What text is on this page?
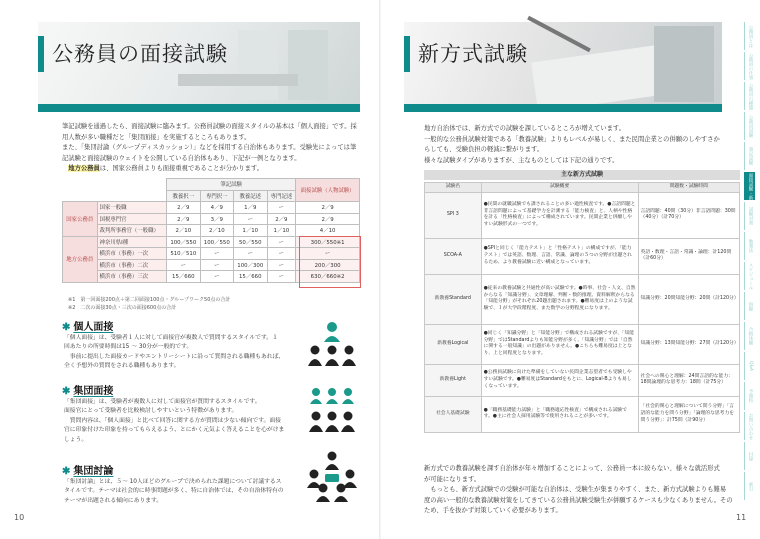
公務員の面接試験
筆記試験を通過したら、面接試験に臨みます。公務員試験の面接スタイルの基本は「個人面接」です。採
用人数が多い職種だと「集団面接」を実施するところもあります。
また、「集団討論（グループディスカッション）」などを採用する自治体もあります。受験先によっては筆
記試験と面接試験のウェイトを公開している自治体もあり、下記が一例となります。
　地方公務員は、国家公務員よりも面接重視であることが分かります。
		筆記試験				面接試験（人物試験）
		教養択一	専門択一	教養記述	専門記述	
国家公務員	国家一般職	2／9	4／9	1／9	ー	2／9
	国税専門官	2／9	3／9	ー	2／9	2／9
	裁判所事務官（一般職）	2／10	2／10	1／10	1／10	4／10
地方公務員	神奈川県Ⅰ種	100／550	100／550	50／550	ー	300／550※1
	横浜市（事務）一次	510／510	ー	ー	ー	ー
	横浜市（事務）二次	ー	ー	100／300	ー	200／300
	横浜市（事務）三次	15／660	ー	15／660	ー	630／660※2
※1　第一回面接200点＋第二回面接100点・グループワーク50点の合計
※2　二次の面接30点・三次の面接600点の合計
✱ 個人面接
「個人面接」は、受験者１人に対して面接官が複数人で質問するスタイルです。１
回あたりの所要時間は15 〜 30分が一般的です。
　事前に提出した面接カードやエントリーシートに沿って質問される職種もあれば、
全く予想外の質問をされる職種もあります。
✱ 集団面接
「集団面接」は、受験者が複数人に対して面接官が質問するスタイルです。
面接官にとって受験者を比較検討しやすいという特徴があります。
　質問内容は、「個人面接」と比べて回答に関する方が質問は少ない傾向です。面接
官に印象付けた印象を持ってもらえるよう、とにかく元気よく答えることを心がけま
しょう。
✱ 集団討論
「集団討論」とは、５〜 10人ほどのグループで決められた課題について討議するス
タイルです。テーマは社会的に時事問題が多く、特に自治体では、その自治体特有の
テーマが出題される傾向にあります。
10
新方式試験
地方自治体では、新方式での試験を課しているところが増えています。
一般的な公務員試験対策である「教養試験」よりもレベルが易しく、また民間企業との併願のしやすさか
らしても、受験負担の軽減に繋がります。
様々な試験タイプがありますが、主なものとしては下記の通りです。
主な新方式試験
試験名	試験概要	問題数・試験時間
SPI 3	●民間の就職試験でも課されることの多い適性検査です。●言語問題と非言語問題によって基礎学力を計測する「能力検査」と、人柄や性格を計る「性格検査」によって構成されています。民間企業と併願しやすい試験形式の一つです。	言語問題：40問（30分）非言語問題：30問（40分）（計70分）
SCOA-A	●SPIと同じく「能力テスト」と「性格テスト」の構成ですが、「能力テスト」では英語、数理、言語、常識、論理の５つの分野が出題されるため、より教養試験に近い構成となっています。	英語・数理・言語・常識・論理：計120問（計60分）
新教養Standard	●従来の教養試験と共通性が高い試験です。●時事、社会・人文、自然からなる「知識分野」、文章理解、判断・数的推理、資料解釈からなる「知能分野」がそれぞれ20題出題されます。●難易度は上のような試験で、１が大学段階程度、また数学の分野程度になります。	知識分野：20問知能分野：20問（計120分）
新教養Logical	●同じく「知識分野」と「知能分野」で構成される試験ですが、「知能分野」ではStandardよりも知能分野が多く、「知識分野」では「自然に関する一般知識」の出題がありません。●こちらも難易度は上となり、上と同程度となります。	知識分野：13問知能分野：27問（計120分）
新教養Light	●公務員試験に向けた準備をしていない民間企業志望者でも受験しやすい試験です。●難易度はStandardをもとに、Logical-Bよりも易しくなっています。	社会への関心と理解：24問言語的な能力：18問論理的な思考力：18問（計75分）
社会人基礎試験	●「職務基礎能力試験」と「職務適応性検査」で構成される試験です。●主に社会人採用試験等で使用されることが多いです。	「社会的関心と理解について問う分野」「言語的な能力を問う分野」「論理的な思考力を問う分野」：計75問（計90分）
新方式での教養試験を課す自治体が年々増加することによって、公務員一本に絞らない、様々な就活形式
が可能になります。
　もっとも、新方式試験での受験が可能な自治体は、受験生が集まりやすく、また、新方式試験よりも難易
度の高い一般的な教養試験対策をしてきている公務員試験受験生が併願するケースも少なくありません。その
ため、手を抜かず対策していく必要があります。
11
公務員とは
公務員の仕事
公務員の種類
公務員試験
筆記試験
面接試験・新方式
試験対策
勉強法
スケジュール
併願
合格体験
Q&A
予備校
お問い合わせ
付録
索引
